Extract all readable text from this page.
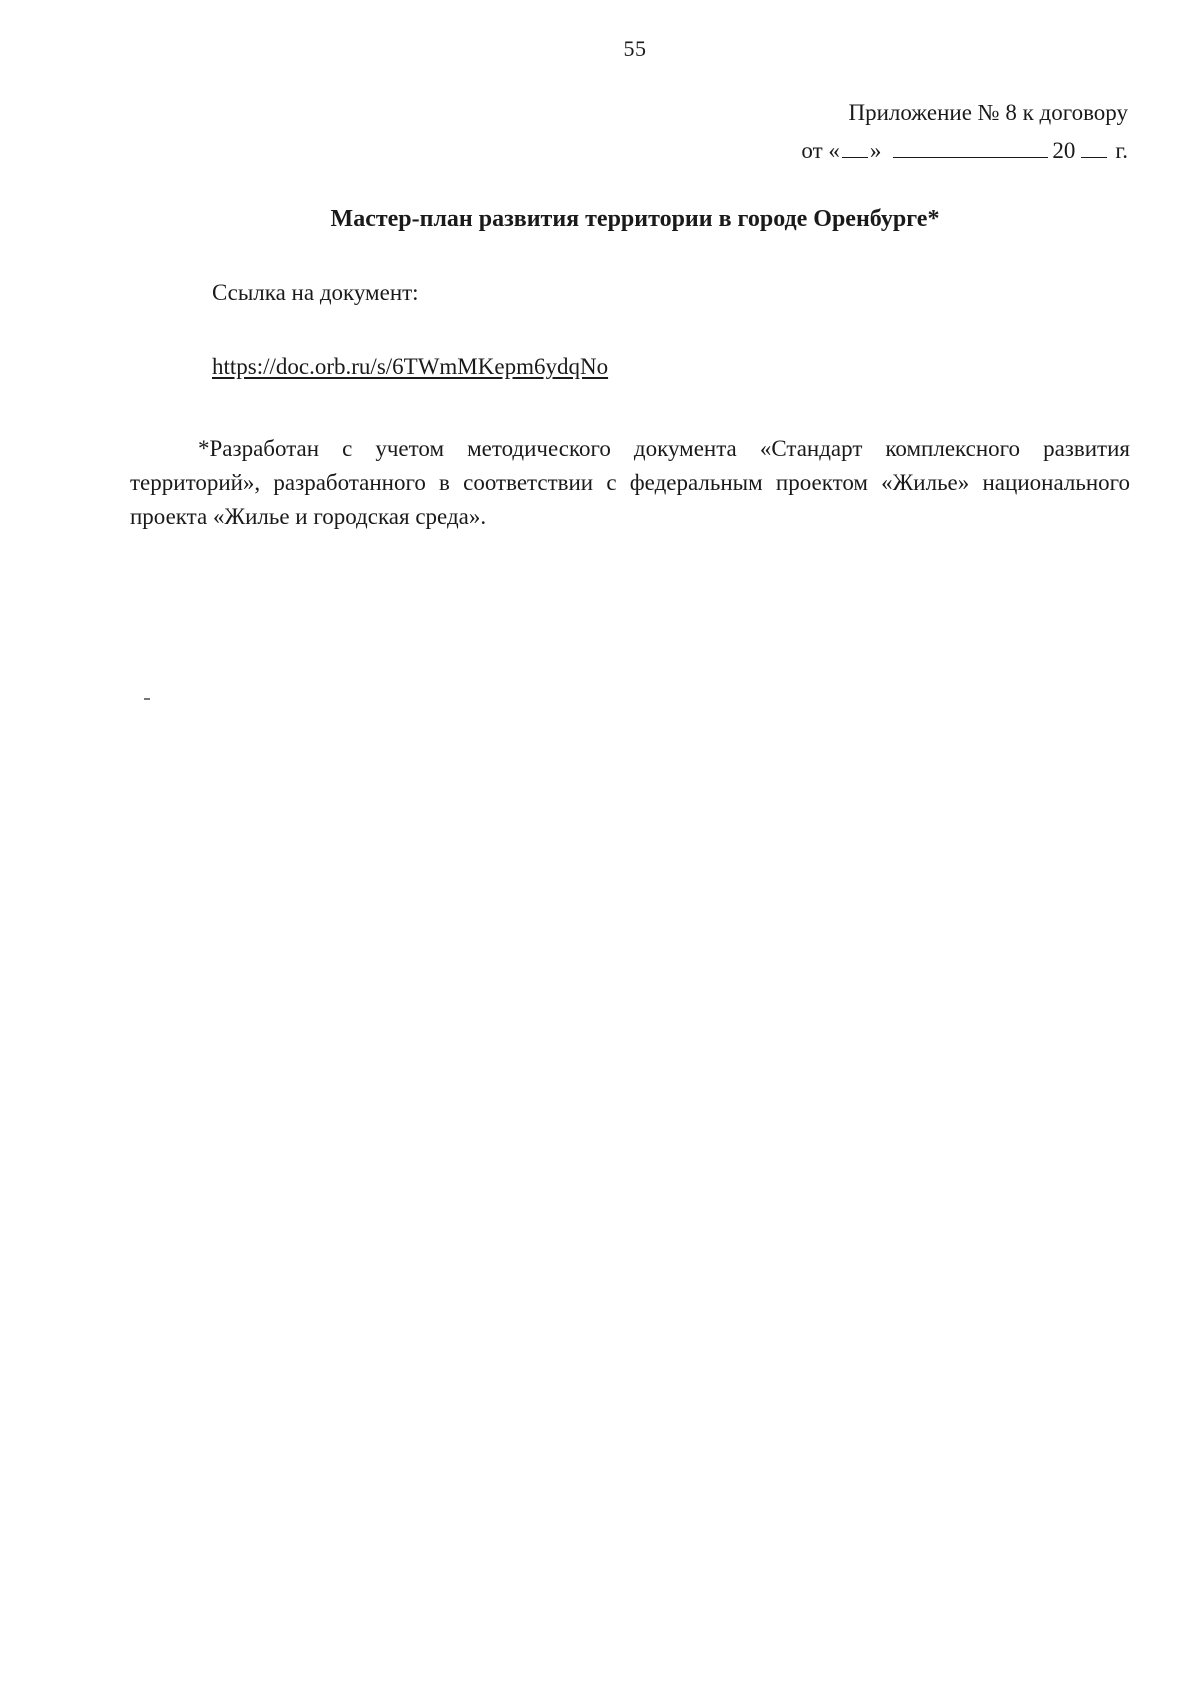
55
Приложение № 8 к договору
от « »	20 г.
Мастер-план развития территории в городе Оренбурге*
Ссылка на документ:
https://doc.orb.ru/s/6TWmMKepm6ydqNo
*Разработан с учетом методического документа «Стандарт комплексного развития территорий», разработанного в соответствии с федеральным проектом «Жилье» национального проекта «Жилье и городская среда».
